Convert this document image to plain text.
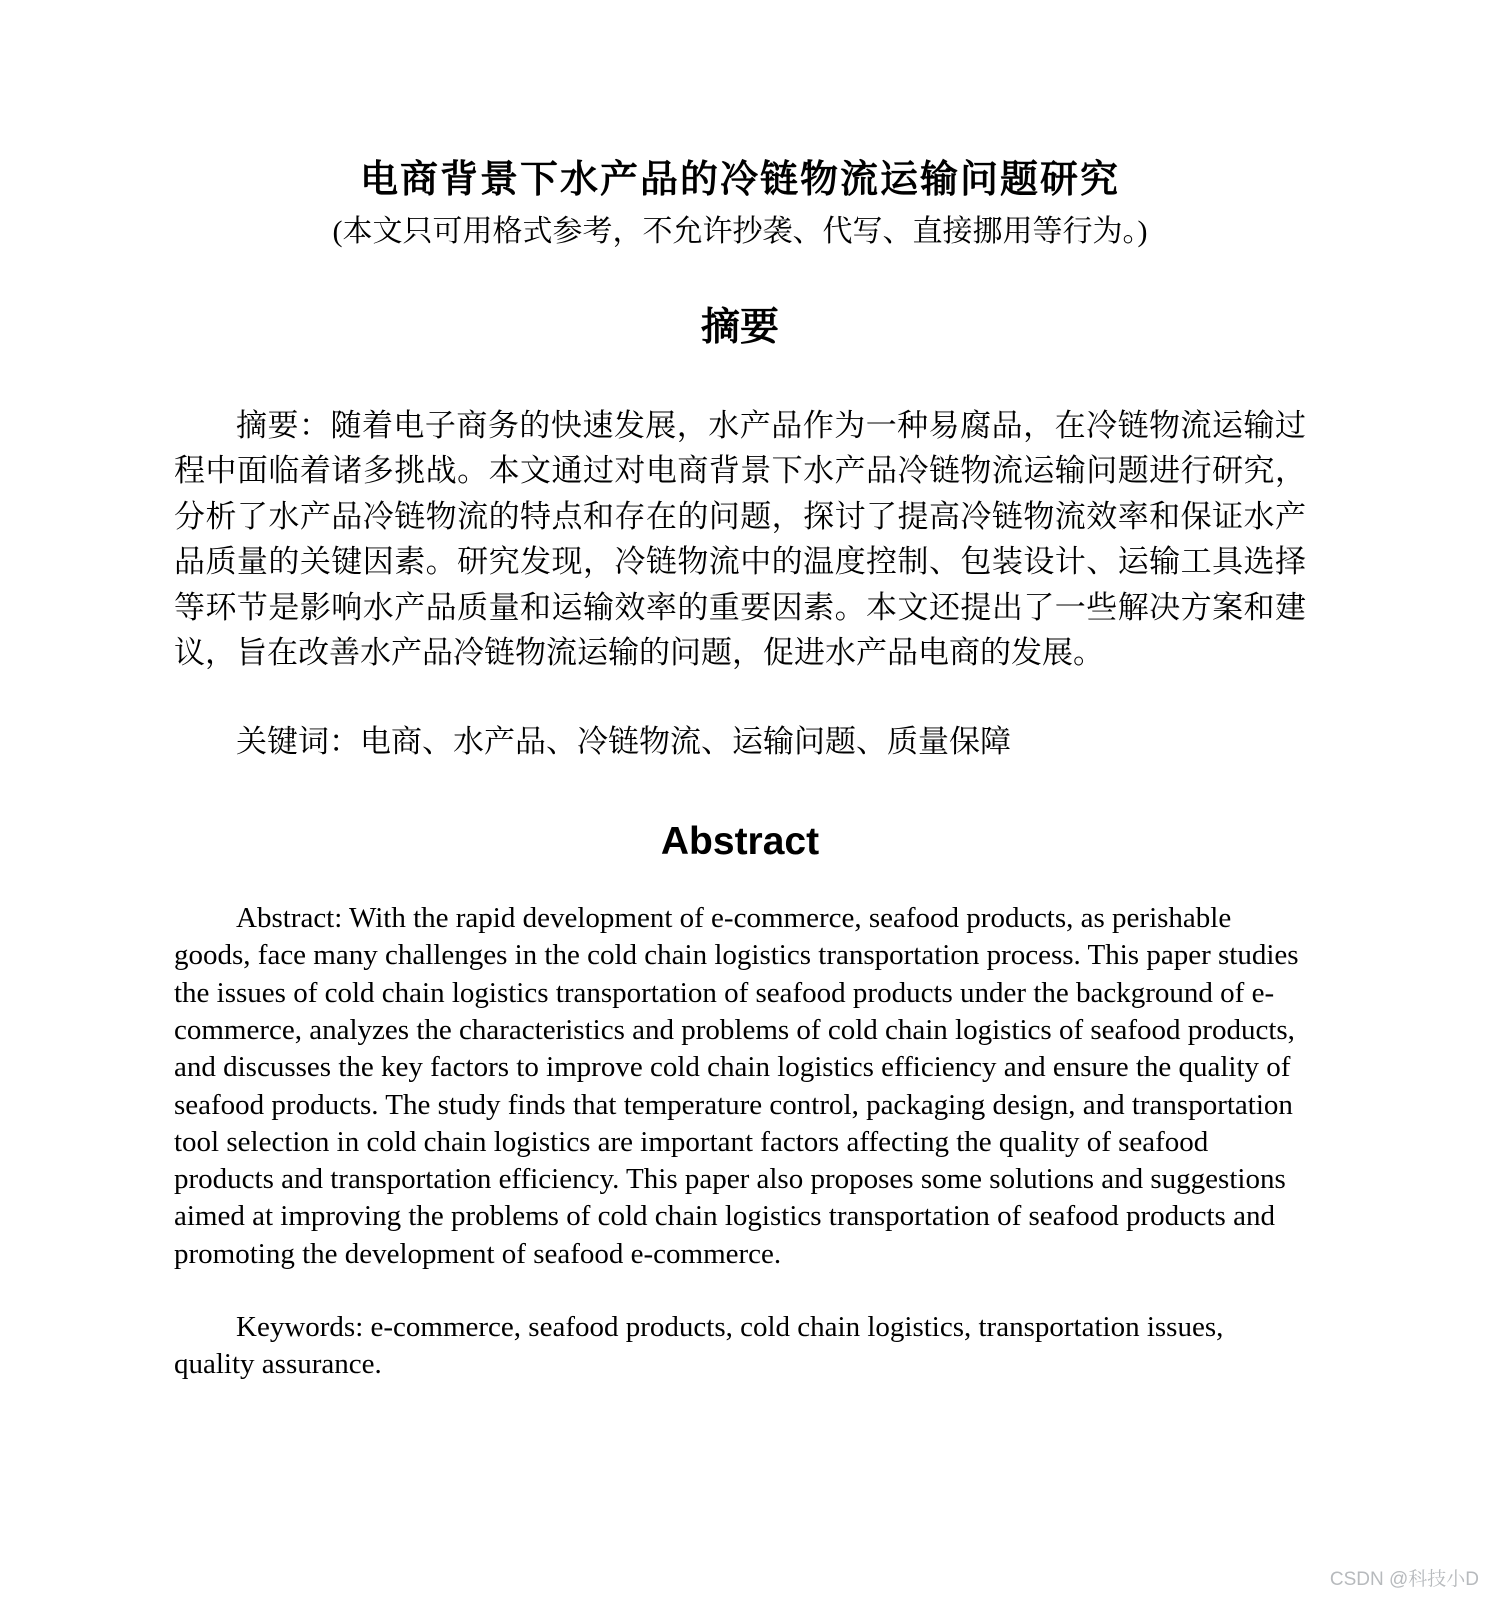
电商背景下水产品的冷链物流运输问题研究

(本文只可用格式参考，不允许抄袭、代写、直接挪用等行为。)

摘要

摘要：随着电子商务的快速发展，水产品作为一种易腐品，在冷链物流运输过程中面临着诸多挑战。本文通过对电商背景下水产品冷链物流运输问题进行研究，分析了水产品冷链物流的特点和存在的问题，探讨了提高冷链物流效率和保证水产品质量的关键因素。研究发现，冷链物流中的温度控制、包装设计、运输工具选择等环节是影响水产品质量和运输效率的重要因素。本文还提出了一些解决方案和建议，旨在改善水产品冷链物流运输的问题，促进水产品电商的发展。

关键词：电商、水产品、冷链物流、运输问题、质量保障

Abstract

Abstract: With the rapid development of e-commerce, seafood products, as perishable goods, face many challenges in the cold chain logistics transportation process. This paper studies the issues of cold chain logistics transportation of seafood products under the background of e-commerce, analyzes the characteristics and problems of cold chain logistics of seafood products, and discusses the key factors to improve cold chain logistics efficiency and ensure the quality of seafood products. The study finds that temperature control, packaging design, and transportation tool selection in cold chain logistics are important factors affecting the quality of seafood products and transportation efficiency. This paper also proposes some solutions and suggestions aimed at improving the problems of cold chain logistics transportation of seafood products and promoting the development of seafood e-commerce.

Keywords: e-commerce, seafood products, cold chain logistics, transportation issues, quality assurance.

CSDN @科技小D
